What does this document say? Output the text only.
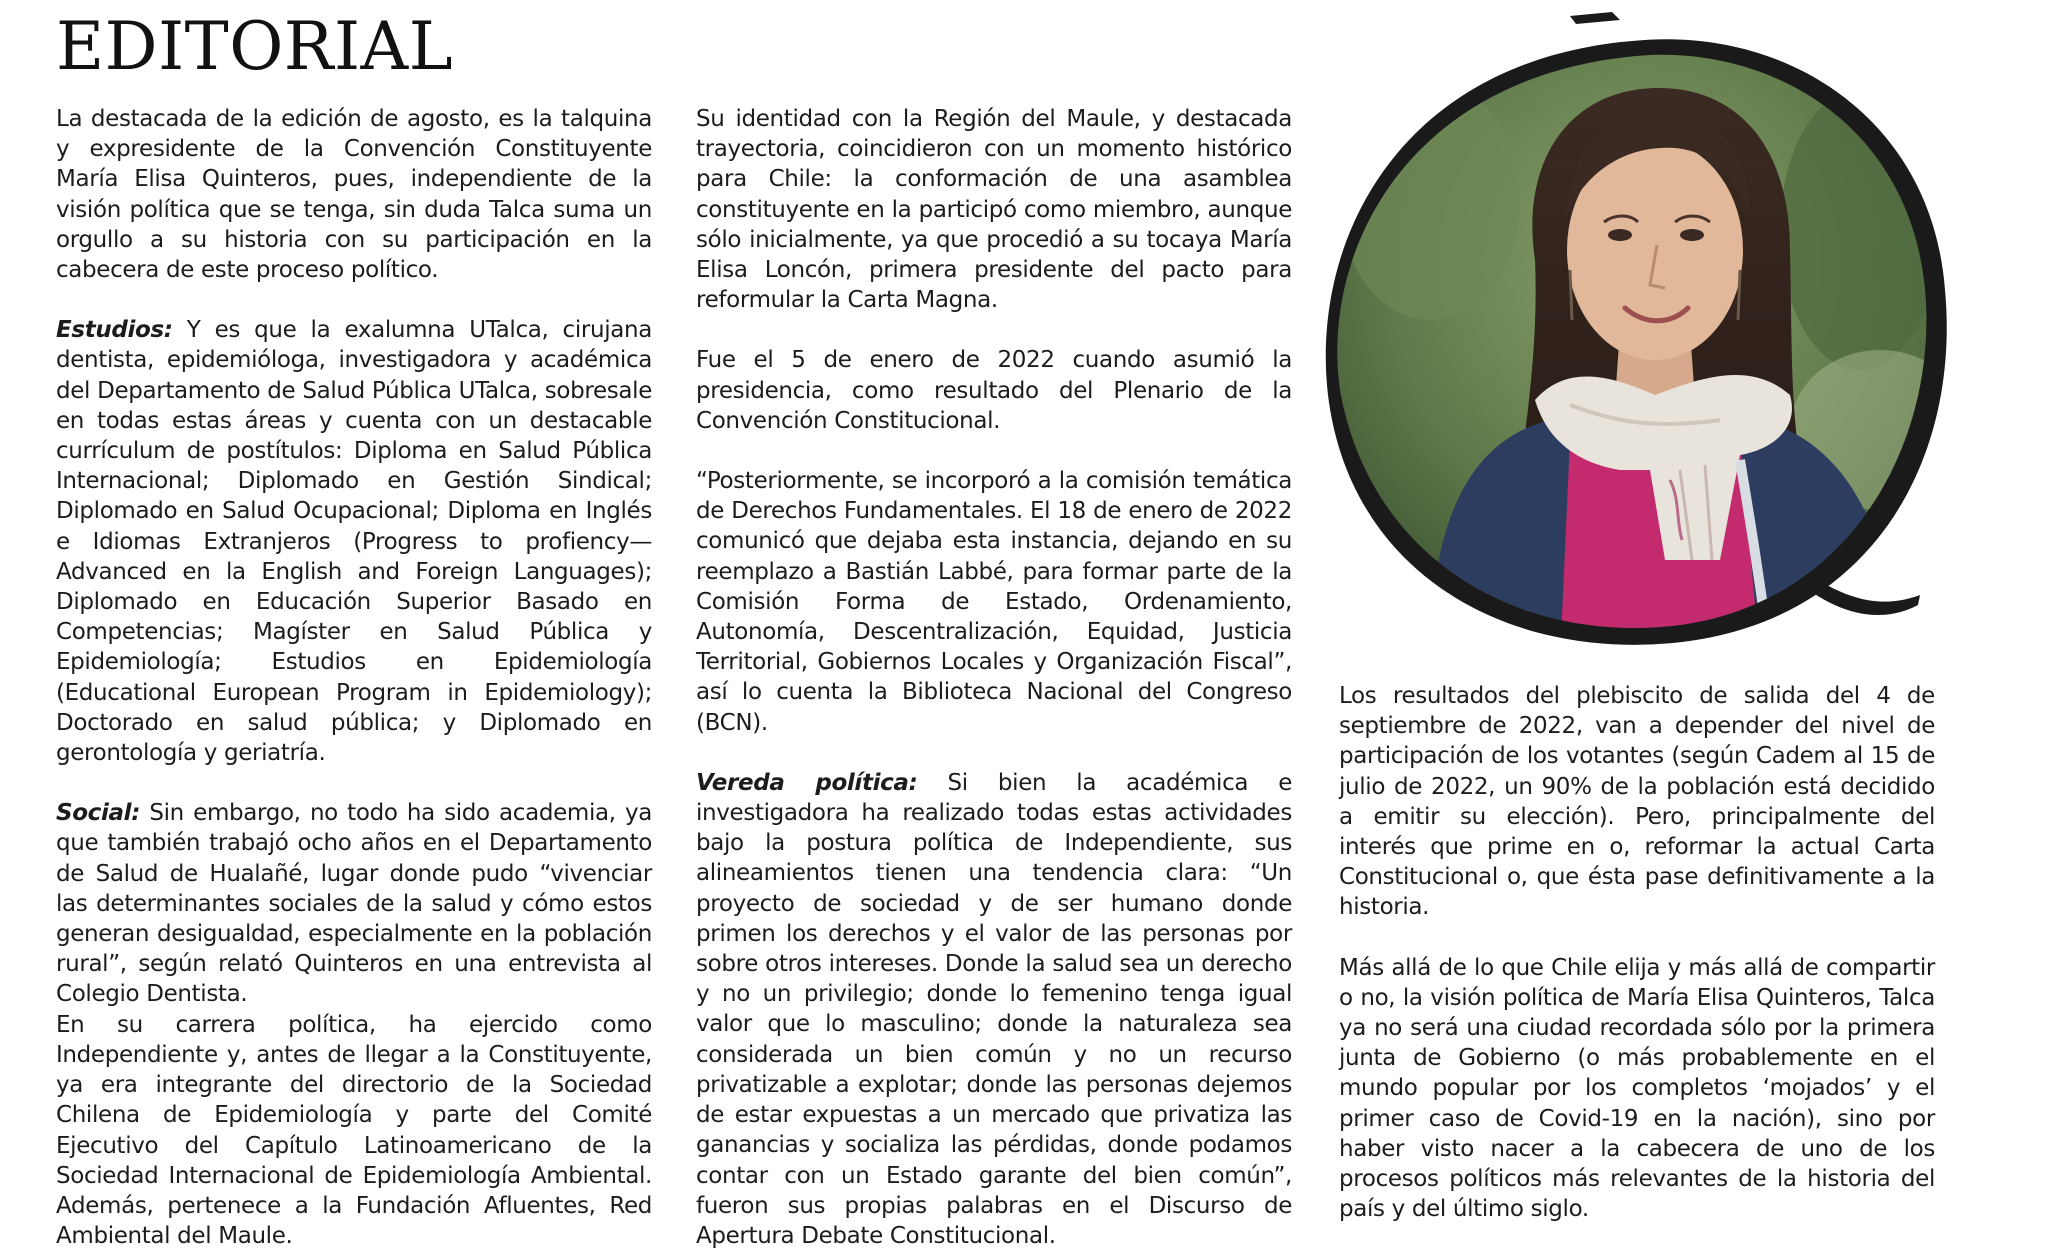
EDITORIAL

La destacada de la edición de agosto, es la talquina y expresidente de la Convención Constituyente María Elisa Quinteros, pues, independiente de la visión política que se tenga, sin duda Talca suma un orgullo a su historia con su participación en la cabecera de este proceso político.

Estudios: Y es que la exalumna UTalca, cirujana dentista, epidemióloga, investigadora y académica del Departamento de Salud Pública UTalca, sobresale en todas estas áreas y cuenta con un destacable currículum de postítulos: Diploma en Salud Pública Internacional; Diplomado en Gestión Sindical; Diplomado en Salud Ocupacional; Diploma en Inglés e Idiomas Extranjeros (Progress to profiency—Advanced en la English and Foreign Languages); Diplomado en Educación Superior Basado en Competencias; Magíster en Salud Pública y Epidemiología; Estudios en Epidemiología (Educational European Program in Epidemiology); Doctorado en salud pública; y Diplomado en gerontología y geriatría.

Social: Sin embargo, no todo ha sido academia, ya que también trabajó ocho años en el Departamento de Salud de Hualañé, lugar donde pudo “vivenciar las determinantes sociales de la salud y cómo estos generan desigualdad, especialmente en la población rural”, según relató Quinteros en una entrevista al Colegio Dentista.

En su carrera política, ha ejercido como Independiente y, antes de llegar a la Constituyente, ya era integrante del directorio de la Sociedad Chilena de Epidemiología y parte del Comité Ejecutivo del Capítulo Latinoamericano de la Sociedad Internacional de Epidemiología Ambiental. Además, pertenece a la Fundación Afluentes, Red Ambiental del Maule.

Su identidad con la Región del Maule, y destacada trayectoria, coincidieron con un momento histórico para Chile: la conformación de una asamblea constituyente en la participó como miembro, aunque sólo inicialmente, ya que procedió a su tocaya María Elisa Loncón, primera presidente del pacto para reformular la Carta Magna.

Fue el 5 de enero de 2022 cuando asumió la presidencia, como resultado del Plenario de la Convención Constitucional.

“Posteriormente, se incorporó a la comisión temática de Derechos Fundamentales. El 18 de enero de 2022 comunicó que dejaba esta instancia, dejando en su reemplazo a Bastián Labbé, para formar parte de la Comisión Forma de Estado, Ordenamiento, Autonomía, Descentralización, Equidad, Justicia Territorial, Gobiernos Locales y Organización Fiscal”, así lo cuenta la Biblioteca Nacional del Congreso (BCN).

Vereda política: Si bien la académica e investigadora ha realizado todas estas actividades bajo la postura política de Independiente, sus alineamientos tienen una tendencia clara: “Un proyecto de sociedad y de ser humano donde primen los derechos y el valor de las personas por sobre otros intereses. Donde la salud sea un derecho y no un privilegio; donde lo femenino tenga igual valor que lo masculino; donde la naturaleza sea considerada un bien común y no un recurso privatizable a explotar; donde las personas dejemos de estar expuestas a un mercado que privatiza las ganancias y socializa las pérdidas, donde podamos contar con un Estado garante del bien común”, fueron sus propias palabras en el Discurso de Apertura Debate Constitucional.

Los resultados del plebiscito de salida del 4 de septiembre de 2022, van a depender del nivel de participación de los votantes (según Cadem al 15 de julio de 2022, un 90% de la población está decidido a emitir su elección). Pero, principalmente del interés que prime en o, reformar la actual Carta Constitucional o, que ésta pase definitivamente a la historia.

Más allá de lo que Chile elija y más allá de compartir o no, la visión política de María Elisa Quinteros, Talca ya no será una ciudad recordada sólo por la primera junta de Gobierno (o más probablemente en el mundo popular por los completos ‘mojados’ y el primer caso de Covid-19 en la nación), sino por haber visto nacer a la cabecera de uno de los procesos políticos más relevantes de la historia del país y del último siglo.
